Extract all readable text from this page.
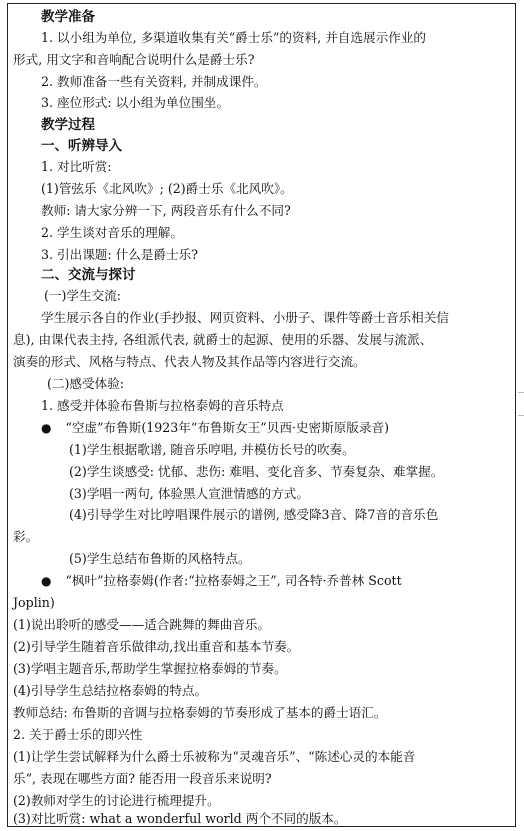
教学准备
1. 以小组为单位, 多渠道收集有关“爵士乐”的资料, 并自选展示作业的
形式, 用文字和音响配合说明什么是爵士乐?
2. 教师准备一些有关资料, 并制成课件。
3. 座位形式: 以小组为单位围坐。
教学过程
一、听辨导入
1. 对比听赏:
(1)管弦乐《北风吹》; (2)爵士乐《北风吹》。
教师: 请大家分辨一下, 两段音乐有什么不同?
2. 学生谈对音乐的理解。
3. 引出课题: 什么是爵士乐?
二、交流与探讨
(一)学生交流:
学生展示各自的作业(手抄报、网页资料、小册子、课件等爵士音乐相关信
息), 由课代表主持, 各组派代表, 就爵士的起源、使用的乐器、发展与流派、
演奏的形式、风格与特点、代表人物及其作品等内容进行交流。
(二)感受体验:
1. 感受并体验布鲁斯与拉格泰姆的音乐特点
● “空虚”布鲁斯(1923年“布鲁斯女王”贝西·史密斯原版录音)
(1)学生根据歌谱, 随音乐哼唱, 并模仿长号的吹奏。
(2)学生谈感受: 忧郁、悲伤: 难唱、变化音多、节奏复杂、难掌握。
(3)学唱一两句, 体验黑人宣泄情感的方式。
(4)引导学生对比哼唱课件展示的谱例, 感受降3音、降7音的音乐色
彩。
(5)学生总结布鲁斯的风格特点。
● “枫叶”拉格泰姆(作者:“拉格泰姆之王”, 司各特·乔普林 Scott
Joplin)
(1)说出聆听的感受——适合跳舞的舞曲音乐。
(2)引导学生随着音乐做律动,找出重音和基本节奏。
(3)学唱主题音乐,帮助学生掌握拉格泰姆的节奏。
(4)引导学生总结拉格泰姆的特点。
教师总结: 布鲁斯的音调与拉格泰姆的节奏形成了基本的爵士语汇。
2. 关于爵士乐的即兴性
(1)让学生尝试解释为什么爵士乐被称为“灵魂音乐”、“陈述心灵的本能音
乐”, 表现在哪些方面? 能否用一段音乐来说明?
(2)教师对学生的讨论进行梳理提升。
(3)对比听赏: what a wonderful world 两个不同的版本。
